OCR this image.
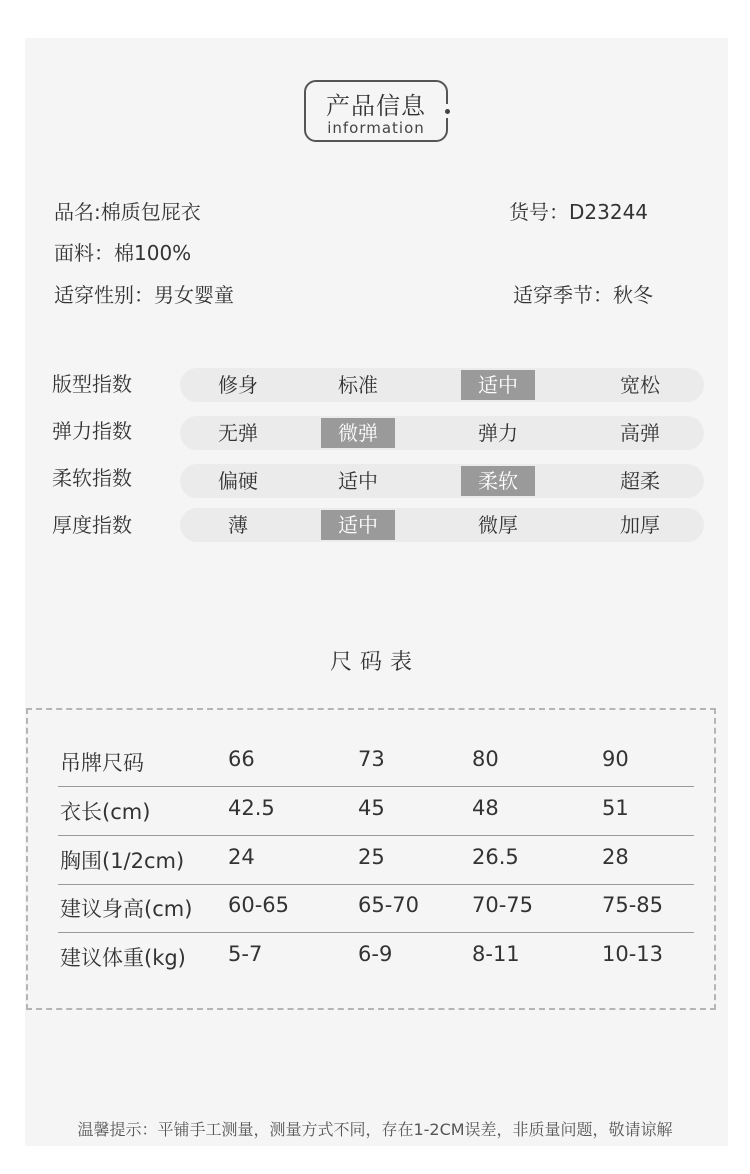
产品信息
information
品名:棉质包屁衣	货号：D23244
面料：棉100%
适穿性别：男女婴童	适穿季节：秋冬
版型指数	修身	标准	适中	宽松
弹力指数	无弹	微弹	弹力	高弹
柔软指数	偏硬	适中	柔软	超柔
厚度指数	薄	适中	微厚	加厚
尺码表
吊牌尺码	66	73	80	90
衣长(cm)	42.5	45	48	51
胸围(1/2cm) 24	25	26.5	28
建议身高(cm) 60-65	65-70	70-75	75-85
建议体重(kg) 5-7	6-9	8-11	10-13
温馨提示：平铺手工测量，测量方式不同，存在1-2CM误差，非质量问题，敬请谅解
